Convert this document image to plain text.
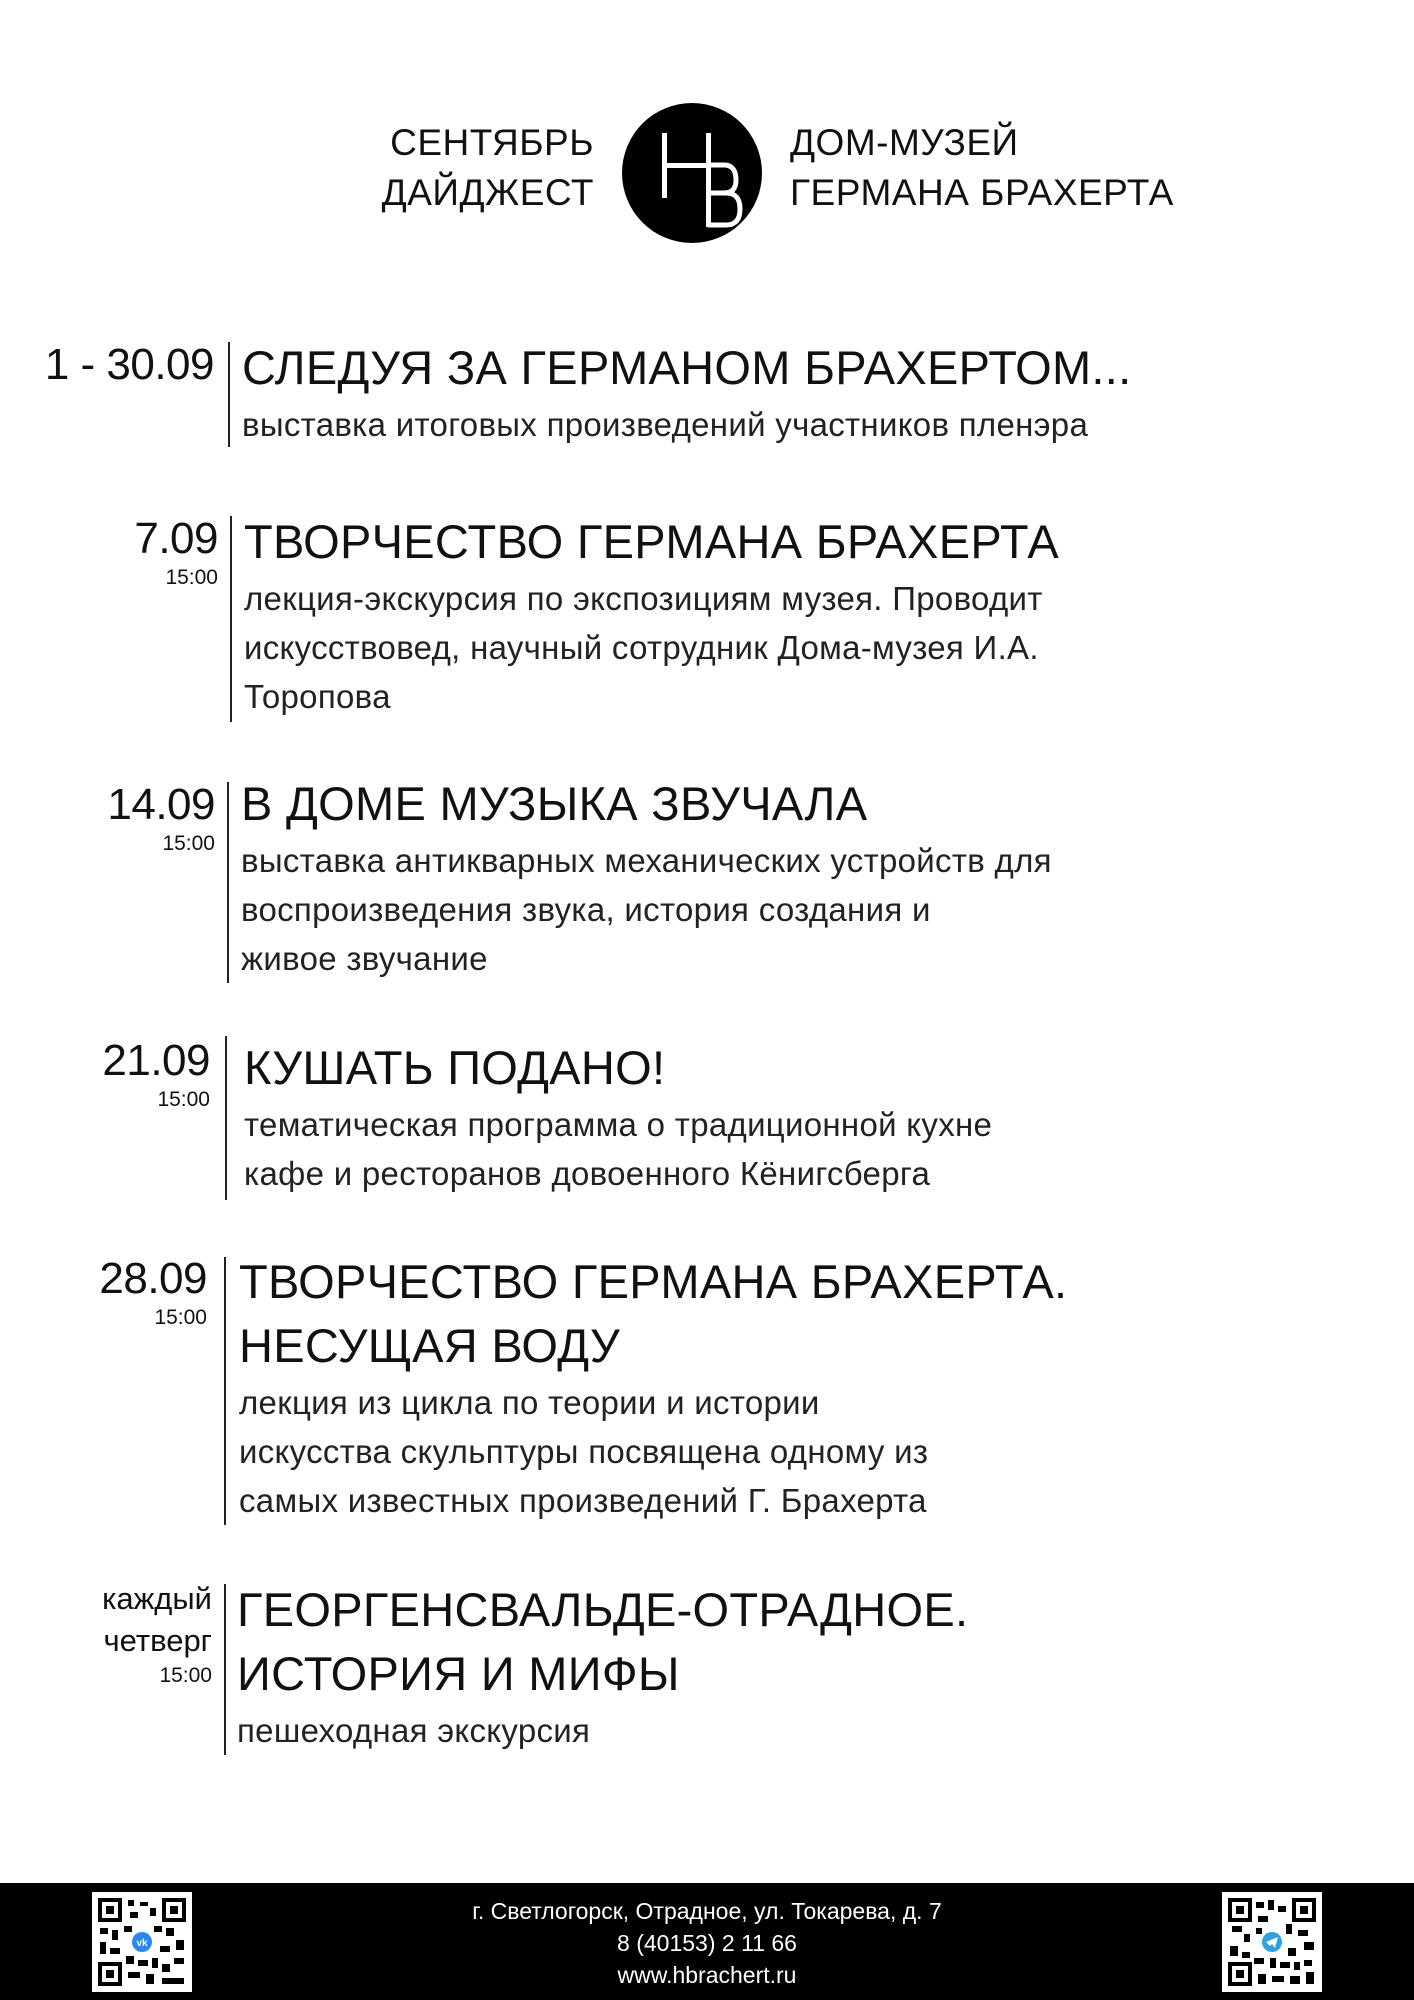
СЕНТЯБРЬ
ДАЙДЖЕСТ
ДОМ-МУЗЕЙ
ГЕРМАНА БРАХЕРТА
1 - 30.09 СЛЕДУЯ ЗА ГЕРМАНОМ БРАХЕРТОМ...
выставка итоговых произведений участников пленэра
7.09
15:00
ТВОРЧЕСТВО ГЕРМАНА БРАХЕРТА
лекция-экскурсия по экспозициям музея. Проводит
искусствовед, научный сотрудник Дома-музея И.А.
Торопова
14.09
15:00
В ДОМЕ МУЗЫКА ЗВУЧАЛА
выставка антикварных механических устройств для
воспроизведения звука, история создания и
живое звучание
21.09
15:00
КУШАТЬ ПОДАНО!
тематическая программа о традиционной кухне
кафе и ресторанов довоенного Кёнигсберга
28.09
15:00
ТВОРЧЕСТВО ГЕРМАНА БРАХЕРТА.
НЕСУЩАЯ ВОДУ
лекция из цикла по теории и истории
искусства скульптуры посвящена одному из
самых известных произведений Г. Брахерта
каждый
четверг
15:00
ГЕОРГЕНСВАЛЬДЕ-ОТРАДНОЕ.
ИСТОРИЯ И МИФЫ
пешеходная экскурсия
vk
г. Светлогорск, Отрадное, ул. Токарева, д. 7
8 (40153) 2 11 66
www.hbrachert.ru
